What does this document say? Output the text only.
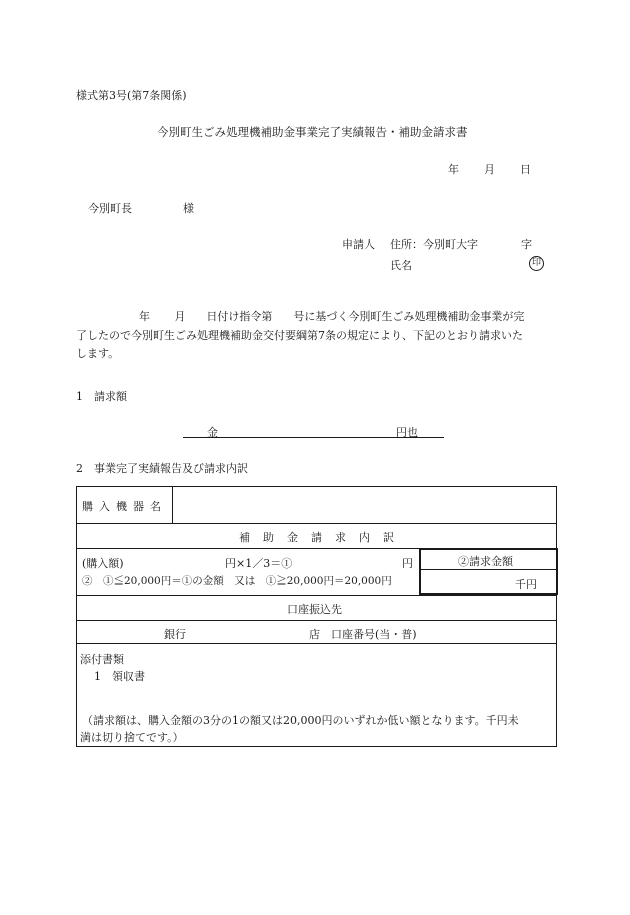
様式第3号(第7条関係)
今別町生ごみ処理機補助金事業完了実績報告・補助金請求書
年 月 日
今別町長	様
申請人 住所：今別町大字	字
氏名	印
年 月 日付け指令第 号に基づく今別町生ごみ処理機補助金事業が完
了したので今別町生ごみ処理機補助金交付要綱第7条の規定により、下記のとおり請求いた
します。
1　請求額
金	円也
2　事業完了実績報告及び請求内訳
購入機器名
補助金請求内訳
(購入額)	円×1／3＝①	円
②　①≦20,000円＝①の金額　又は　①≧20,000円＝20,000円
②請求金額
千円
口座振込先
銀行	店　口座番号(当・普)
添付書類
1　領収書
（請求額は、購入金額の3分の1の額又は20,000円のいずれか低い額となります。千円未
満は切り捨てです。）
